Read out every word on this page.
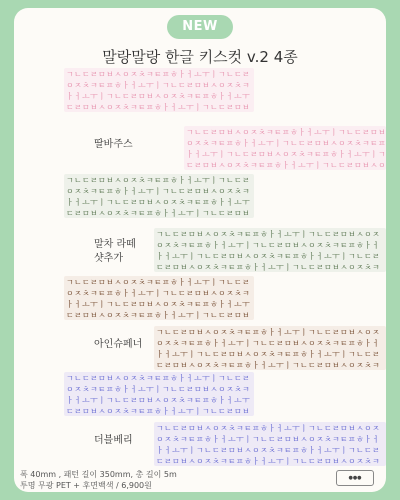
NEW
말랑말랑 한글 키스컷 v.2 4종
ㄱ ㄴ ㄷ ㄹ ㅁ ㅂ ㅅ ㅇ ㅈ ㅊ ㅋ ㅌ ㅍ ㅎ ㅏ ㅓ ㅗ ㅜ ㅣ ㄱ ㄴ ㄷ ㄹ
ㅇ ㅈ ㅊ ㅋ ㅌ ㅍ ㅎ ㅏ ㅓ ㅗ ㅜ ㅣ ㄱ ㄴ ㄷ ㄹ ㅁ ㅂ ㅅ ㅇ ㅈ ㅊ ㅋ
ㅏ ㅓ ㅗ ㅜ ㅣ ㄱ ㄴ ㄷ ㄹ ㅁ ㅂ ㅅ ㅇ ㅈ ㅊ ㅋ ㅌ ㅍ ㅎ ㅏ ㅓ ㅗ ㅜ
ㄷ ㄹ ㅁ ㅂ ㅅ ㅇ ㅈ ㅊ ㅋ ㅌ ㅍ ㅎ ㅏ ㅓ ㅗ ㅜ ㅣ ㄱ ㄴ ㄷ ㄹ ㅁ ㅂ
딸바주스
ㄱ ㄴ ㄷ ㄹ ㅁ ㅂ ㅅ ㅇ ㅈ ㅊ ㅋ ㅌ ㅍ ㅎ ㅏ ㅓ ㅗ ㅜ ㅣ ㄱ ㄴ ㄷ ㄹ ㅁ ㅂ
ㅇ ㅈ ㅊ ㅋ ㅌ ㅍ ㅎ ㅏ ㅓ ㅗ ㅜ ㅣ ㄱ ㄴ ㄷ ㄹ ㅁ ㅂ ㅅ ㅇ ㅈ ㅊ ㅋ ㅌ ㅍ
ㅏ ㅓ ㅗ ㅜ ㅣ ㄱ ㄴ ㄷ ㄹ ㅁ ㅂ ㅅ ㅇ ㅈ ㅊ ㅋ ㅌ ㅍ ㅎ ㅏ ㅓ ㅗ ㅜ ㅣ ㄱ
ㄷ ㄹ ㅁ ㅂ ㅅ ㅇ ㅈ ㅊ ㅋ ㅌ ㅍ ㅎ ㅏ ㅓ ㅗ ㅜ ㅣ ㄱ ㄴ ㄷ ㄹ ㅁ ㅂ ㅅ ㅇ
ㄱ ㄴ ㄷ ㄹ ㅁ ㅂ ㅅ ㅇ ㅈ ㅊ ㅋ ㅌ ㅍ ㅎ ㅏ ㅓ ㅗ ㅜ ㅣ ㄱ ㄴ ㄷ ㄹ
ㅇ ㅈ ㅊ ㅋ ㅌ ㅍ ㅎ ㅏ ㅓ ㅗ ㅜ ㅣ ㄱ ㄴ ㄷ ㄹ ㅁ ㅂ ㅅ ㅇ ㅈ ㅊ ㅋ
ㅏ ㅓ ㅗ ㅜ ㅣ ㄱ ㄴ ㄷ ㄹ ㅁ ㅂ ㅅ ㅇ ㅈ ㅊ ㅋ ㅌ ㅍ ㅎ ㅏ ㅓ ㅗ ㅜ
ㄷ ㄹ ㅁ ㅂ ㅅ ㅇ ㅈ ㅊ ㅋ ㅌ ㅍ ㅎ ㅏ ㅓ ㅗ ㅜ ㅣ ㄱ ㄴ ㄷ ㄹ ㅁ ㅂ
말차 라떼
샷추가
ㄱ ㄴ ㄷ ㄹ ㅁ ㅂ ㅅ ㅇ ㅈ ㅊ ㅋ ㅌ ㅍ ㅎ ㅏ ㅓ ㅗ ㅜ ㅣ ㄱ ㄴ ㄷ ㄹ ㅁ ㅂ ㅅ ㅇ ㅈ
ㅇ ㅈ ㅊ ㅋ ㅌ ㅍ ㅎ ㅏ ㅓ ㅗ ㅜ ㅣ ㄱ ㄴ ㄷ ㄹ ㅁ ㅂ ㅅ ㅇ ㅈ ㅊ ㅋ ㅌ ㅍ ㅎ ㅏ ㅓ
ㅏ ㅓ ㅗ ㅜ ㅣ ㄱ ㄴ ㄷ ㄹ ㅁ ㅂ ㅅ ㅇ ㅈ ㅊ ㅋ ㅌ ㅍ ㅎ ㅏ ㅓ ㅗ ㅜ ㅣ ㄱ ㄴ ㄷ ㄹ
ㄷ ㄹ ㅁ ㅂ ㅅ ㅇ ㅈ ㅊ ㅋ ㅌ ㅍ ㅎ ㅏ ㅓ ㅗ ㅜ ㅣ ㄱ ㄴ ㄷ ㄹ ㅁ ㅂ ㅅ ㅇ ㅈ ㅊ ㅋ
ㄱ ㄴ ㄷ ㄹ ㅁ ㅂ ㅅ ㅇ ㅈ ㅊ ㅋ ㅌ ㅍ ㅎ ㅏ ㅓ ㅗ ㅜ ㅣ ㄱ ㄴ ㄷ ㄹ
ㅇ ㅈ ㅊ ㅋ ㅌ ㅍ ㅎ ㅏ ㅓ ㅗ ㅜ ㅣ ㄱ ㄴ ㄷ ㄹ ㅁ ㅂ ㅅ ㅇ ㅈ ㅊ ㅋ
ㅏ ㅓ ㅗ ㅜ ㅣ ㄱ ㄴ ㄷ ㄹ ㅁ ㅂ ㅅ ㅇ ㅈ ㅊ ㅋ ㅌ ㅍ ㅎ ㅏ ㅓ ㅗ ㅜ
ㄷ ㄹ ㅁ ㅂ ㅅ ㅇ ㅈ ㅊ ㅋ ㅌ ㅍ ㅎ ㅏ ㅓ ㅗ ㅜ ㅣ ㄱ ㄴ ㄷ ㄹ ㅁ ㅂ
아인슈페너
ㄱ ㄴ ㄷ ㄹ ㅁ ㅂ ㅅ ㅇ ㅈ ㅊ ㅋ ㅌ ㅍ ㅎ ㅏ ㅓ ㅗ ㅜ ㅣ ㄱ ㄴ ㄷ ㄹ ㅁ ㅂ ㅅ ㅇ ㅈ
ㅇ ㅈ ㅊ ㅋ ㅌ ㅍ ㅎ ㅏ ㅓ ㅗ ㅜ ㅣ ㄱ ㄴ ㄷ ㄹ ㅁ ㅂ ㅅ ㅇ ㅈ ㅊ ㅋ ㅌ ㅍ ㅎ ㅏ ㅓ
ㅏ ㅓ ㅗ ㅜ ㅣ ㄱ ㄴ ㄷ ㄹ ㅁ ㅂ ㅅ ㅇ ㅈ ㅊ ㅋ ㅌ ㅍ ㅎ ㅏ ㅓ ㅗ ㅜ ㅣ ㄱ ㄴ ㄷ ㄹ
ㄷ ㄹ ㅁ ㅂ ㅅ ㅇ ㅈ ㅊ ㅋ ㅌ ㅍ ㅎ ㅏ ㅓ ㅗ ㅜ ㅣ ㄱ ㄴ ㄷ ㄹ ㅁ ㅂ ㅅ ㅇ ㅈ ㅊ ㅋ
ㄱ ㄴ ㄷ ㄹ ㅁ ㅂ ㅅ ㅇ ㅈ ㅊ ㅋ ㅌ ㅍ ㅎ ㅏ ㅓ ㅗ ㅜ ㅣ ㄱ ㄴ ㄷ ㄹ
ㅇ ㅈ ㅊ ㅋ ㅌ ㅍ ㅎ ㅏ ㅓ ㅗ ㅜ ㅣ ㄱ ㄴ ㄷ ㄹ ㅁ ㅂ ㅅ ㅇ ㅈ ㅊ ㅋ
ㅏ ㅓ ㅗ ㅜ ㅣ ㄱ ㄴ ㄷ ㄹ ㅁ ㅂ ㅅ ㅇ ㅈ ㅊ ㅋ ㅌ ㅍ ㅎ ㅏ ㅓ ㅗ ㅜ
ㄷ ㄹ ㅁ ㅂ ㅅ ㅇ ㅈ ㅊ ㅋ ㅌ ㅍ ㅎ ㅏ ㅓ ㅗ ㅜ ㅣ ㄱ ㄴ ㄷ ㄹ ㅁ ㅂ
더블베리
ㄱ ㄴ ㄷ ㄹ ㅁ ㅂ ㅅ ㅇ ㅈ ㅊ ㅋ ㅌ ㅍ ㅎ ㅏ ㅓ ㅗ ㅜ ㅣ ㄱ ㄴ ㄷ ㄹ ㅁ ㅂ ㅅ ㅇ ㅈ
ㅇ ㅈ ㅊ ㅋ ㅌ ㅍ ㅎ ㅏ ㅓ ㅗ ㅜ ㅣ ㄱ ㄴ ㄷ ㄹ ㅁ ㅂ ㅅ ㅇ ㅈ ㅊ ㅋ ㅌ ㅍ ㅎ ㅏ ㅓ
ㅏ ㅓ ㅗ ㅜ ㅣ ㄱ ㄴ ㄷ ㄹ ㅁ ㅂ ㅅ ㅇ ㅈ ㅊ ㅋ ㅌ ㅍ ㅎ ㅏ ㅓ ㅗ ㅜ ㅣ ㄱ ㄴ ㄷ ㄹ
ㄷ ㄹ ㅁ ㅂ ㅅ ㅇ ㅈ ㅊ ㅋ ㅌ ㅍ ㅎ ㅏ ㅓ ㅗ ㅜ ㅣ ㄱ ㄴ ㄷ ㄹ ㅁ ㅂ ㅅ ㅇ ㅈ ㅊ ㅋ
폭 40mm , 패턴 길이 350mm, 총 길이 5m
투명 무광 PET + 후면백색 / 6,900원
●●●
